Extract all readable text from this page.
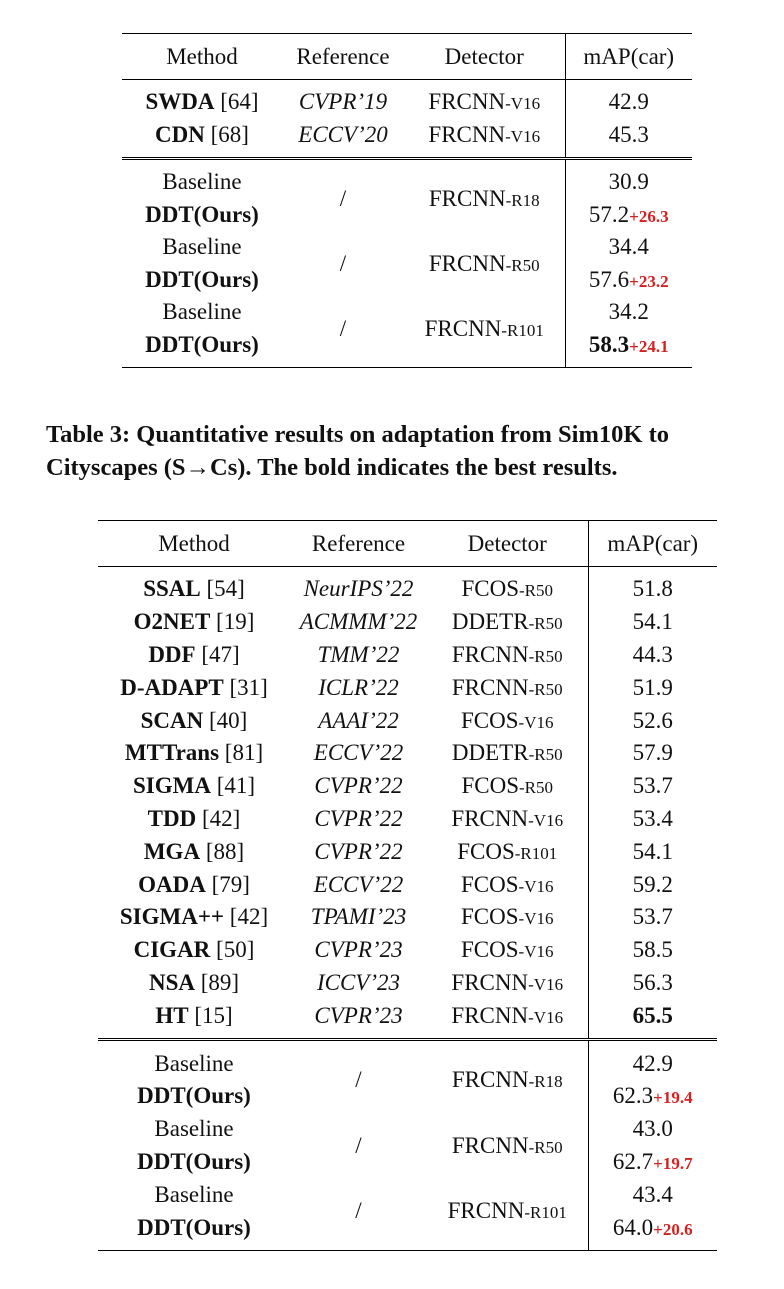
Method	Reference	Detector	mAP(car)
SWDA [64]	CVPR’19	FRCNN-V16	42.9
CDN [68]	ECCV’20	FRCNN-V16	45.3
Baseline	/	FRCNN-R18	30.9
DDT(Ours)			57.2+26.3
Baseline	/	FRCNN-R50	34.4
DDT(Ours)			57.6+23.2
Baseline	/	FRCNN-R101	34.2
DDT(Ours)			58.3+24.1
Table 3: Quantitative results on adaptation from Sim10K to
Cityscapes (S→Cs). The bold indicates the best results.
Method	Reference	Detector	mAP(car)
SSAL [54]	NeurIPS’22	FCOS-R50	51.8
O2NET [19]	ACMMM’22	DDETR-R50	54.1
DDF [47]	TMM’22	FRCNN-R50	44.3
D-ADAPT [31]	ICLR’22	FRCNN-R50	51.9
SCAN [40]	AAAI’22	FCOS-V16	52.6
MTTrans [81]	ECCV’22	DDETR-R50	57.9
SIGMA [41]	CVPR’22	FCOS-R50	53.7
TDD [42]	CVPR’22	FRCNN-V16	53.4
MGA [88]	CVPR’22	FCOS-R101	54.1
OADA [79]	ECCV’22	FCOS-V16	59.2
SIGMA++ [42]	TPAMI’23	FCOS-V16	53.7
CIGAR [50]	CVPR’23	FCOS-V16	58.5
NSA [89]	ICCV’23	FRCNN-V16	56.3
HT [15]	CVPR’23	FRCNN-V16	65.5
Baseline	/	FRCNN-R18	42.9
DDT(Ours)			62.3+19.4
Baseline	/	FRCNN-R50	43.0
DDT(Ours)			62.7+19.7
Baseline	/	FRCNN-R101	43.4
DDT(Ours)			64.0+20.6
